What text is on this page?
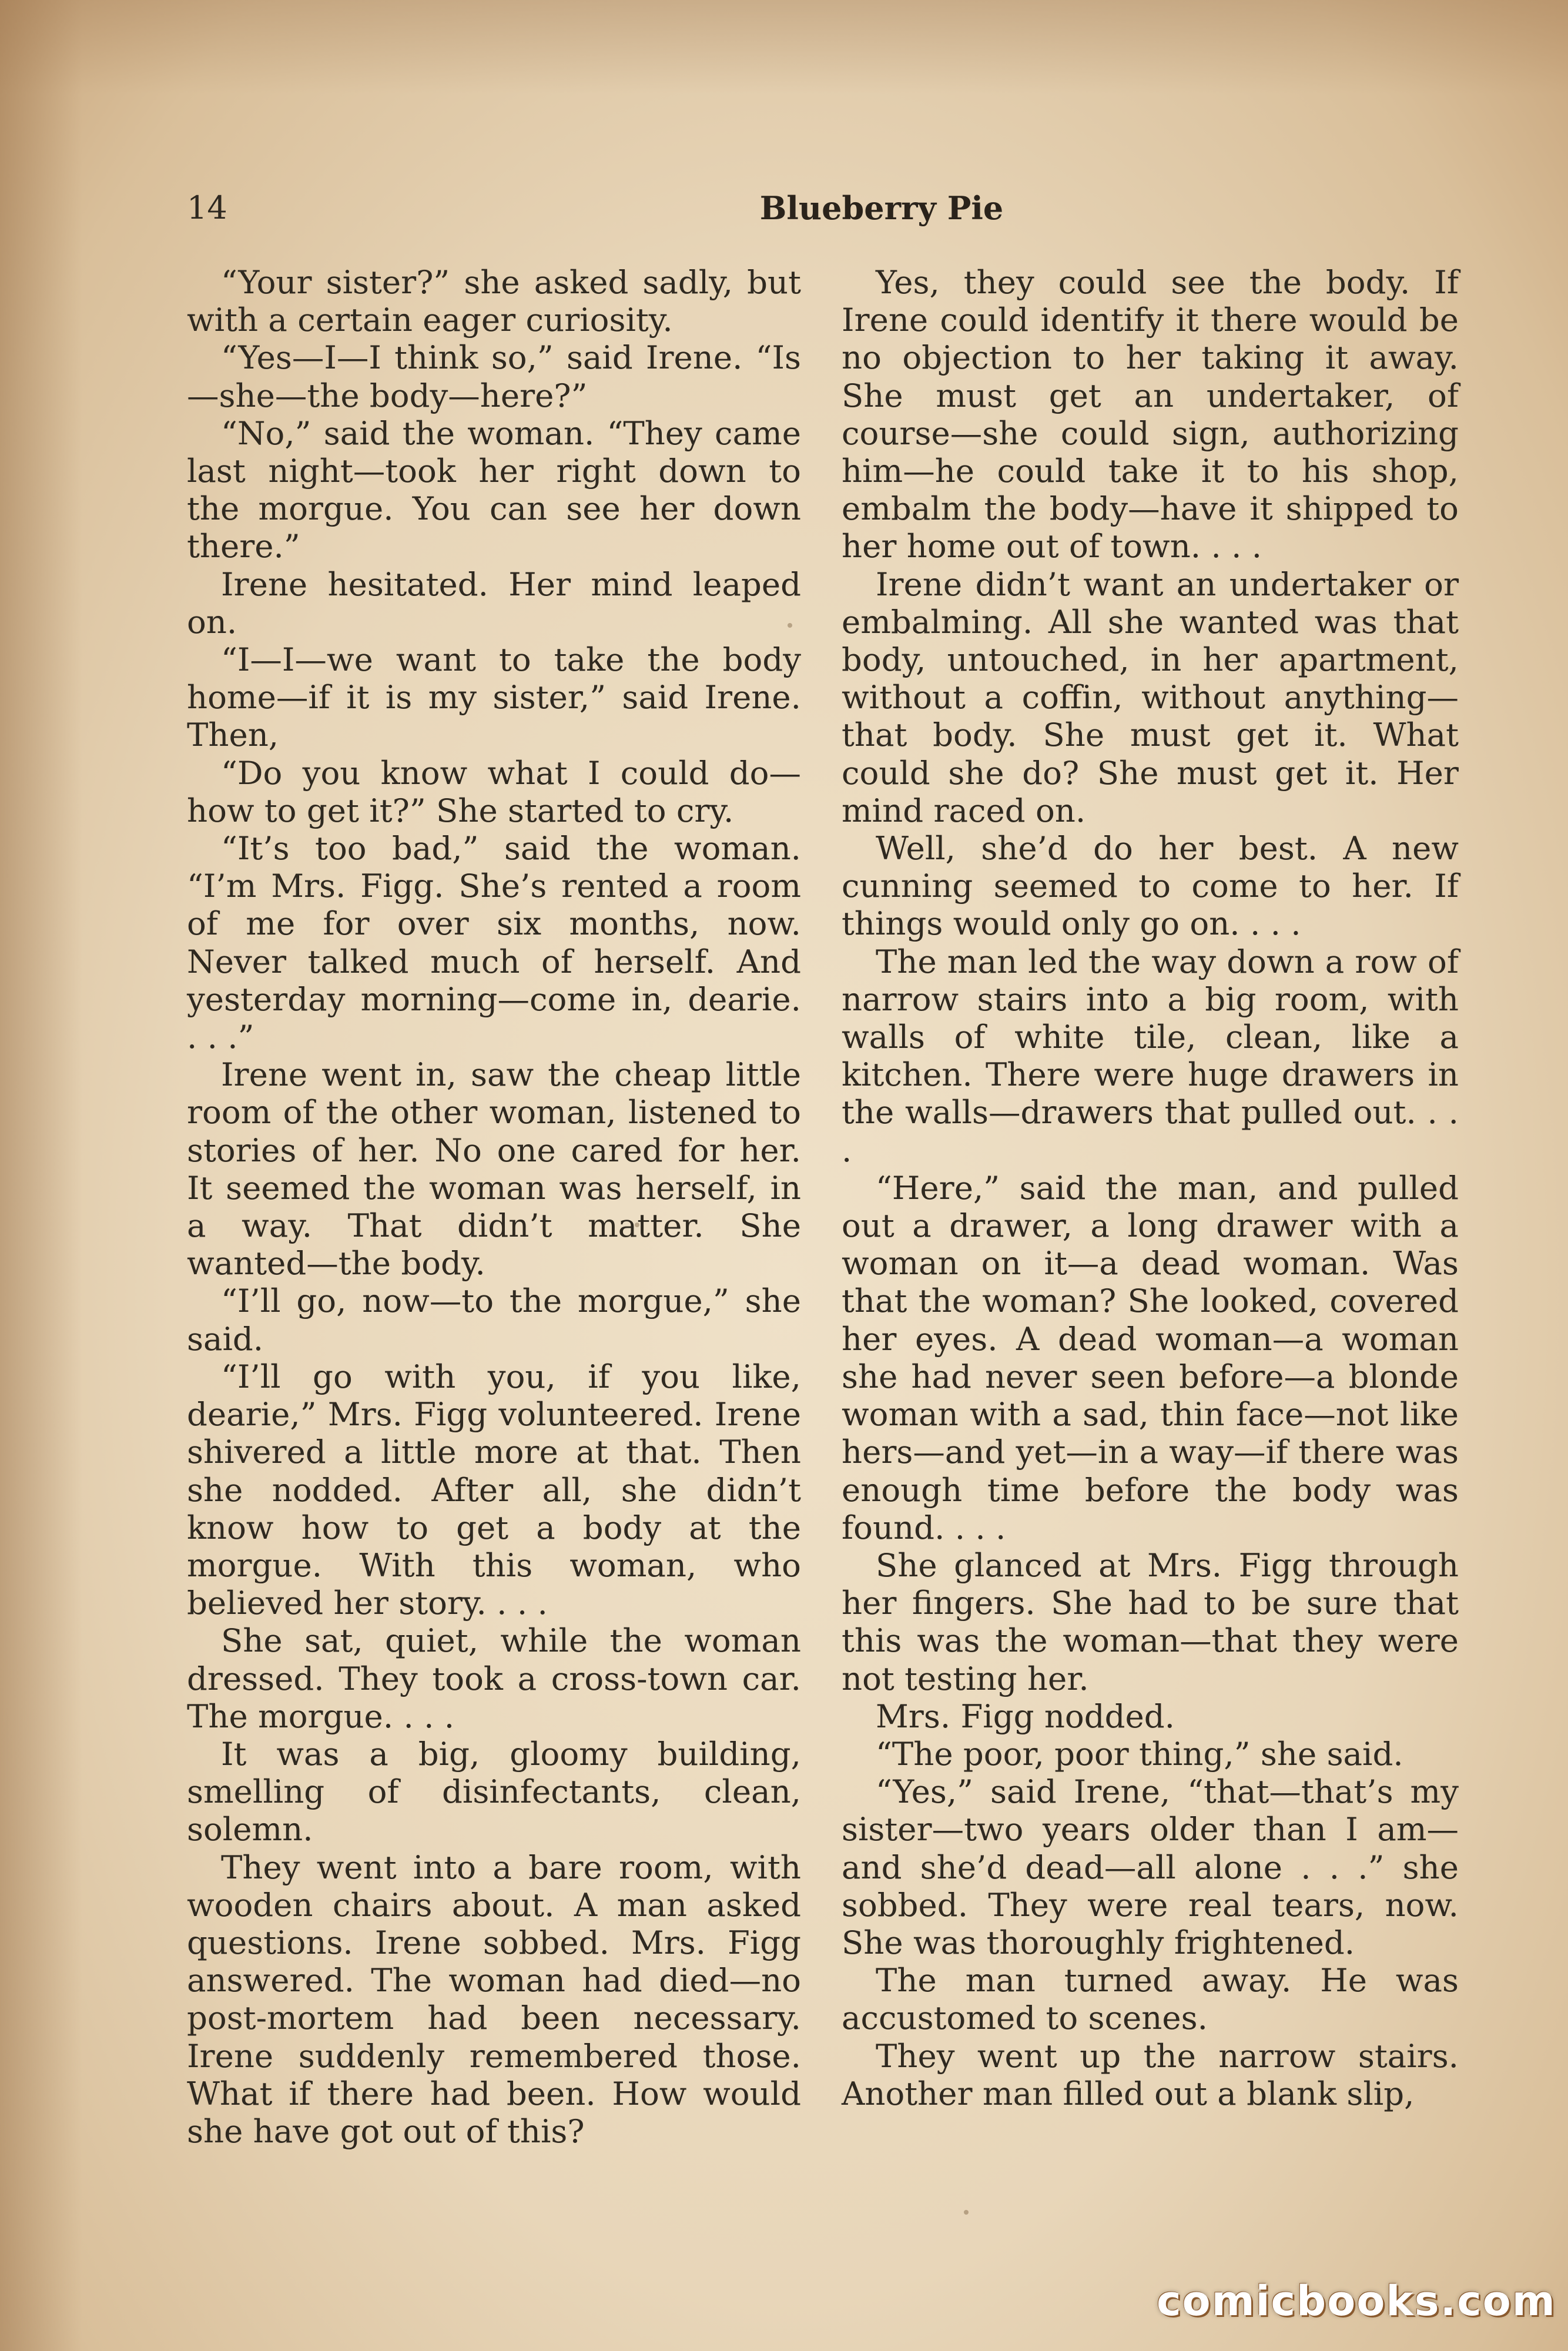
14	Blueberry Pie

“Your sister?” she asked sadly, but with a certain eager curiosity.

“Yes—I—I think so,” said Irene. “Is—she—the body—here?”

“No,” said the woman. “They came last night—took her right down to the morgue. You can see her down there.”

Irene hesitated. Her mind leaped on.

“I—I—we want to take the body home—if it is my sister,” said Irene. Then,

“Do you know what I could do—how to get it?” She started to cry.

“It’s too bad,” said the woman. “I’m Mrs. Figg. She’s rented a room of me for over six months, now. Never talked much of herself. And yesterday morning—come in, dearie. . . .”

Irene went in, saw the cheap little room of the other woman, listened to stories of her. No one cared for her. It seemed the woman was herself, in a way. That didn’t matter. She wanted—the body.

“I’ll go, now—to the morgue,” she said.

“I’ll go with you, if you like, dearie,” Mrs. Figg volunteered. Irene shivered a little more at that. Then she nodded. After all, she didn’t know how to get a body at the morgue. With this woman, who believed her story. . . .

She sat, quiet, while the woman dressed. They took a cross-town car. The morgue. . . .

It was a big, gloomy building, smelling of disinfectants, clean, solemn.

They went into a bare room, with wooden chairs about. A man asked questions. Irene sobbed. Mrs. Figg answered. The woman had died—no post-mortem had been necessary. Irene suddenly remembered those. What if there had been. How would she have got out of this?

Yes, they could see the body. If Irene could identify it there would be no objection to her taking it away. She must get an undertaker, of course—she could sign, authorizing him—he could take it to his shop, embalm the body—have it shipped to her home out of town. . . .

Irene didn’t want an undertaker or embalming. All she wanted was that body, untouched, in her apartment, without a coffin, without anything—that body. She must get it. What could she do? She must get it. Her mind raced on.

Well, she’d do her best. A new cunning seemed to come to her. If things would only go on. . . .

The man led the way down a row of narrow stairs into a big room, with walls of white tile, clean, like a kitchen. There were huge drawers in the walls—drawers that pulled out. . . .

“Here,” said the man, and pulled out a drawer, a long drawer with a woman on it—a dead woman. Was that the woman? She looked, covered her eyes. A dead woman—a woman she had never seen before—a blonde woman with a sad, thin face—not like hers—and yet—in a way—if there was enough time before the body was found. . . .

She glanced at Mrs. Figg through her fingers. She had to be sure that this was the woman—that they were not testing her.

Mrs. Figg nodded.

“The poor, poor thing,” she said.

“Yes,” said Irene, “that—that’s my sister—two years older than I am—and she’d dead—all alone . . .” she sobbed. They were real tears, now. She was thoroughly frightened.

The man turned away. He was accustomed to scenes.

They went up the narrow stairs. Another man filled out a blank slip,

comicbooks.com
